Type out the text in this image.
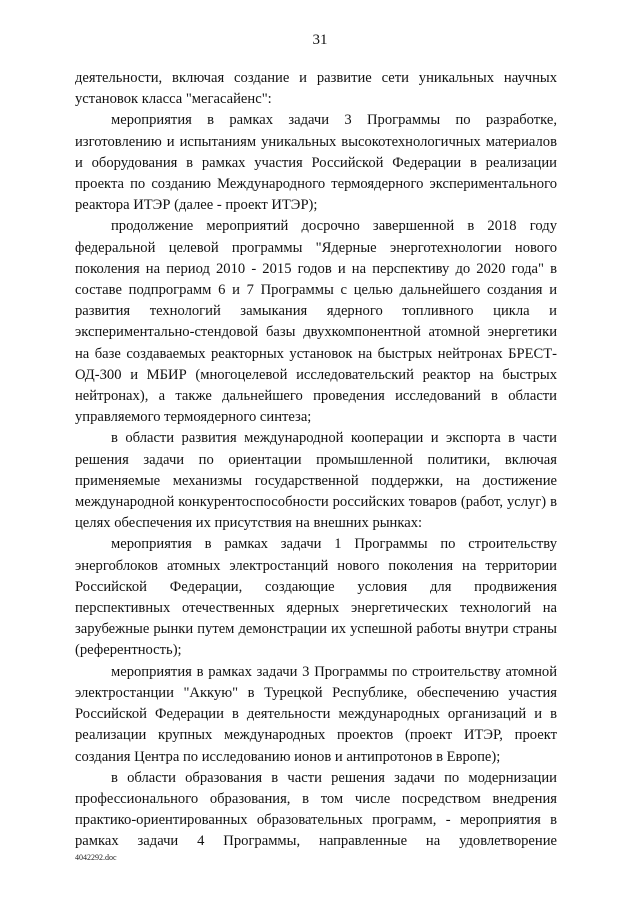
31

деятельности, включая создание и развитие сети уникальных научных установок класса "мегасайенс":

мероприятия в рамках задачи 3 Программы по разработке, изготовлению и испытаниям уникальных высокотехнологичных материалов и оборудования в рамках участия Российской Федерации в реализации проекта по созданию Международного термоядерного экспериментального реактора ИТЭР (далее - проект ИТЭР);

продолжение мероприятий досрочно завершенной в 2018 году федеральной целевой программы "Ядерные энерготехнологии нового поколения на период 2010 - 2015 годов и на перспективу до 2020 года" в составе подпрограмм 6 и 7 Программы с целью дальнейшего создания и развития технологий замыкания ядерного топливного цикла и экспериментально-стендовой базы двухкомпонентной атомной энергетики на базе создаваемых реакторных установок на быстрых нейтронах БРЕСТ-ОД-300 и МБИР (многоцелевой исследовательский реактор на быстрых нейтронах), а также дальнейшего проведения исследований в области управляемого термоядерного синтеза;

в области развития международной кооперации и экспорта в части решения задачи по ориентации промышленной политики, включая применяемые механизмы государственной поддержки, на достижение международной конкурентоспособности российских товаров (работ, услуг) в целях обеспечения их присутствия на внешних рынках:

мероприятия в рамках задачи 1 Программы по строительству энергоблоков атомных электростанций нового поколения на территории Российской Федерации, создающие условия для продвижения перспективных отечественных ядерных энергетических технологий на зарубежные рынки путем демонстрации их успешной работы внутри страны (референтность);

мероприятия в рамках задачи 3 Программы по строительству атомной электростанции "Аккую" в Турецкой Республике, обеспечению участия Российской Федерации в деятельности международных организаций и в реализации крупных международных проектов (проект ИТЭР, проект создания Центра по исследованию ионов и антипротонов в Европе);

в области образования в части решения задачи по модернизации профессионального образования, в том числе посредством внедрения практико-ориентированных образовательных программ, - мероприятия в рамках задачи 4 Программы, направленные на удовлетворение

4042292.doc
